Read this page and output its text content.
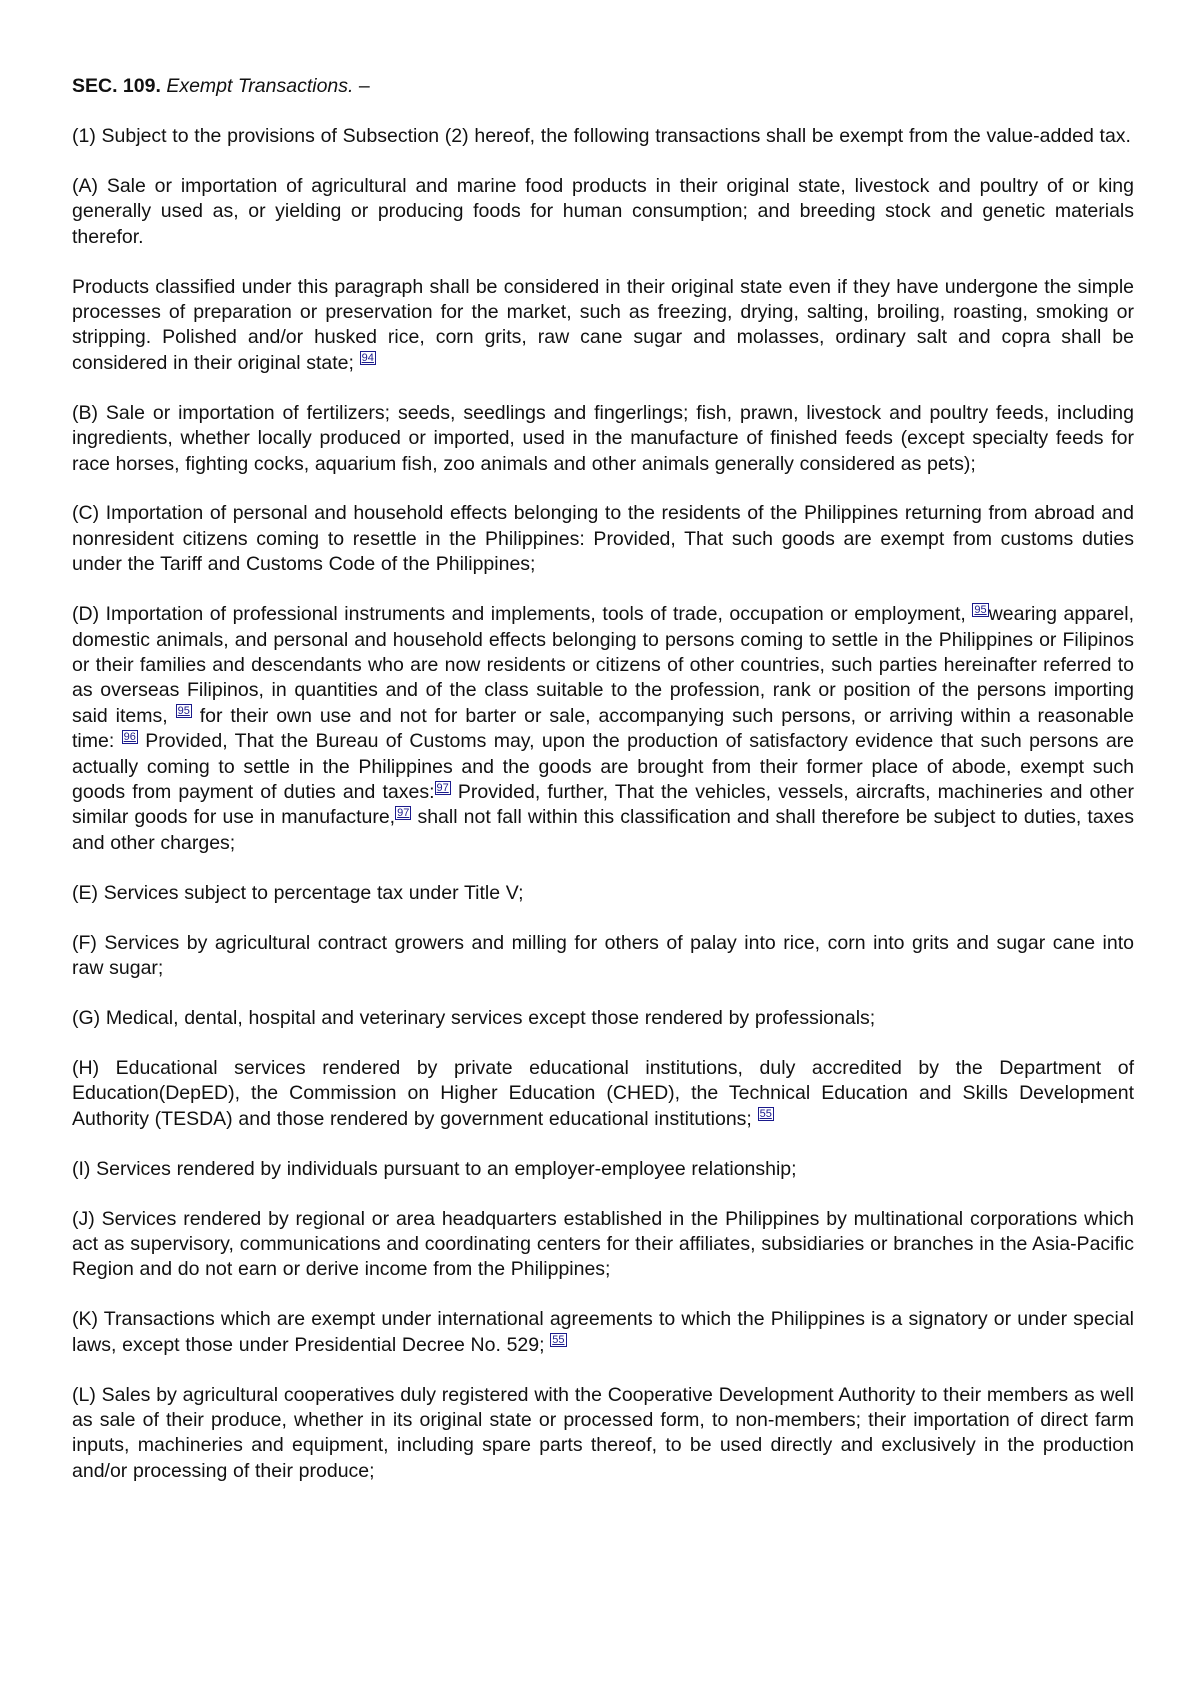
SEC. 109. Exempt Transactions. –

(1) Subject to the provisions of Subsection (2) hereof, the following transactions shall be exempt from the value-added tax.

(A) Sale or importation of agricultural and marine food products in their original state, livestock and poultry of or king generally used as, or yielding or producing foods for human consumption; and breeding stock and genetic materials therefor.

Products classified under this paragraph shall be considered in their original state even if they have undergone the simple processes of preparation or preservation for the market, such as freezing, drying, salting, broiling, roasting, smoking or stripping. Polished and/or husked rice, corn grits, raw cane sugar and molasses, ordinary salt and copra shall be considered in their original state; $^{94}$

(B) Sale or importation of fertilizers; seeds, seedlings and fingerlings; fish, prawn, livestock and poultry feeds, including ingredients, whether locally produced or imported, used in the manufacture of finished feeds (except specialty feeds for race horses, fighting cocks, aquarium fish, zoo animals and other animals generally considered as pets);

(C) Importation of personal and household effects belonging to the residents of the Philippines returning from abroad and nonresident citizens coming to resettle in the Philippines: Provided, That such goods are exempt from customs duties under the Tariff and Customs Code of the Philippines;

(D) Importation of professional instruments and implements, tools of trade, occupation or employment, $^{95}$ wearing apparel, domestic animals, and personal and household effects belonging to persons coming to settle in the Philippines or Filipinos or their families and descendants who are now residents or citizens of other countries, such parties hereinafter referred to as overseas Filipinos, in quantities and of the class suitable to the profession, rank or position of the persons importing said items, $^{95}$ for their own use and not for barter or sale, accompanying such persons, or arriving within a reasonable time: $^{96}$ Provided, That the Bureau of Customs may, upon the production of satisfactory evidence that such persons are actually coming to settle in the Philippines and the goods are brought from their former place of abode, exempt such goods from payment of duties and taxes: $^{97}$ Provided, further, That the vehicles, vessels, aircrafts, machineries and other similar goods for use in manufacture, $^{97}$ shall not fall within this classification and shall therefore be subject to duties, taxes and other charges;

(E) Services subject to percentage tax under Title V;

(F) Services by agricultural contract growers and milling for others of palay into rice, corn into grits and sugar cane into raw sugar;

(G) Medical, dental, hospital and veterinary services except those rendered by professionals;

(H) Educational services rendered by private educational institutions, duly accredited by the Department of Education(DepED), the Commission on Higher Education (CHED), the Technical Education and Skills Development Authority (TESDA) and those rendered by government educational institutions; $^{55}$

(I) Services rendered by individuals pursuant to an employer-employee relationship;

(J) Services rendered by regional or area headquarters established in the Philippines by multinational corporations which act as supervisory, communications and coordinating centers for their affiliates, subsidiaries or branches in the Asia-Pacific Region and do not earn or derive income from the Philippines;

(K) Transactions which are exempt under international agreements to which the Philippines is a signatory or under special laws, except those under Presidential Decree No. 529; $^{55}$

(L) Sales by agricultural cooperatives duly registered with the Cooperative Development Authority to their members as well as sale of their produce, whether in its original state or processed form, to non-members; their importation of direct farm inputs, machineries and equipment, including spare parts thereof, to be used directly and exclusively in the production and/or processing of their produce;
